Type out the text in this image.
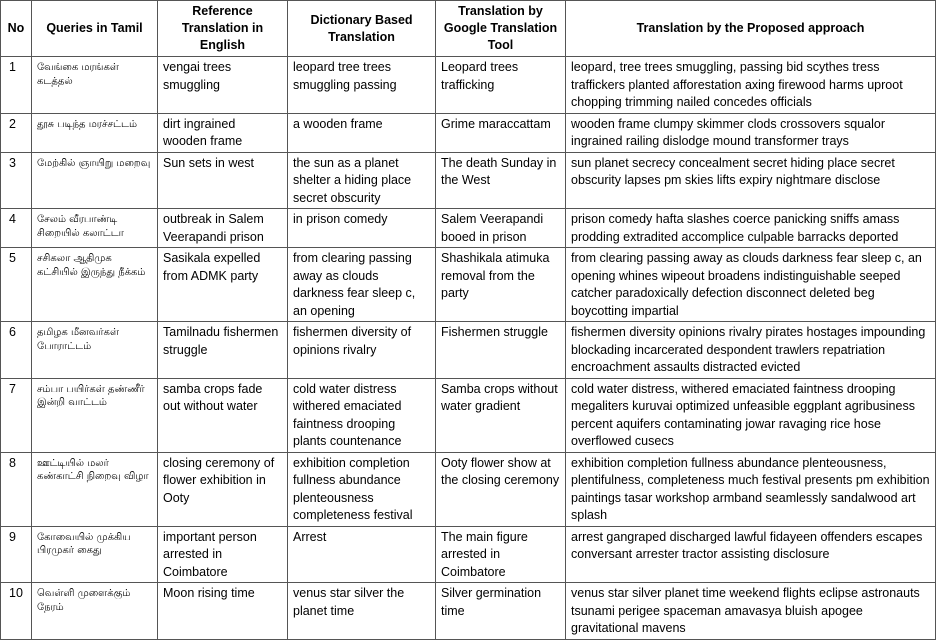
No	Queries in Tamil	Reference Translation in English	Dictionary Based Translation	Translation by Google Translation Tool	Translation by the Proposed approach
1	வேங்கை மரங்கள் கடத்தல்	vengai trees smuggling	leopard tree trees smuggling passing	Leopard trees trafficking	leopard, tree trees smuggling, passing bid scythes tress traffickers planted afforestation axing firewood harms uproot chopping trimming nailed concedes officials
2	தூசு படிந்த மரச்சட்டம்	dirt ingrained wooden frame	a wooden frame	Grime maraccattam	wooden frame clumpy skimmer clods crossovers squalor ingrained railing dislodge mound transformer trays
3	மேற்கில் ஞாயிறு மறைவு	Sun sets in west	the sun as a planet shelter a hiding place secret obscurity	The death Sunday in the West	sun planet secrecy concealment secret hiding place secret obscurity lapses pm skies lifts expiry nightmare disclose
4	சேலம் வீரபாண்டி சிறையில் கலாட்டா	outbreak in Salem Veerapandi prison	in prison comedy	Salem Veerapandi booed in prison	prison comedy hafta slashes coerce panicking sniffs amass prodding extradited accomplice culpable barracks deported
5	சசிகலா ஆதிமுக கட்சியில் இருந்து நீக்கம்	Sasikala expelled from ADMK party	from clearing passing away as clouds darkness fear sleep c, an opening	Shashikala atimuka removal from the party	from clearing passing away as clouds darkness fear sleep c, an opening whines wipeout broadens indistinguishable seeped catcher paradoxically defection disconnect deleted beg boycotting impartial
6	தமிழக மீனவர்கள் போராட்டம்	Tamilnadu fishermen struggle	fishermen diversity of opinions rivalry	Fishermen struggle	fishermen diversity opinions rivalry pirates hostages impounding blockading incarcerated despondent trawlers repatriation encroachment assaults distracted evicted
7	சம்பா பயிர்கள் தண்ணீர் இன்றி வாட்டம்	samba crops fade out without water	cold water distress withered emaciated faintness drooping plants countenance	Samba crops without water gradient	cold water distress, withered emaciated faintness drooping megaliters kuruvai optimized unfeasible eggplant agribusiness percent aquifers contaminating jowar ravaging rice hose overflowed cusecs
8	ஊட்டியில் மலர் கண்காட்சி நிறைவு விழா	closing ceremony of flower exhibition in Ooty	exhibition completion fullness abundance plenteousness completeness festival	Ooty flower show at the closing ceremony	exhibition completion fullness abundance plenteousness, plentifulness, completeness much festival presents pm exhibition paintings tasar workshop armband seamlessly sandalwood art splash
9	கோவையில் முக்கிய பிரமுகர் கைது	important person arrested in Coimbatore	Arrest	The main figure arrested in Coimbatore	arrest gangraped discharged lawful fidayeen offenders escapes conversant arrester tractor assisting disclosure
10	வெள்ளி முளைக்கும் நேரம்	Moon rising time	venus star silver the planet time	Silver germination time	venus star silver planet time weekend flights eclipse astronauts tsunami perigee spaceman amavasya bluish apogee gravitational mavens
